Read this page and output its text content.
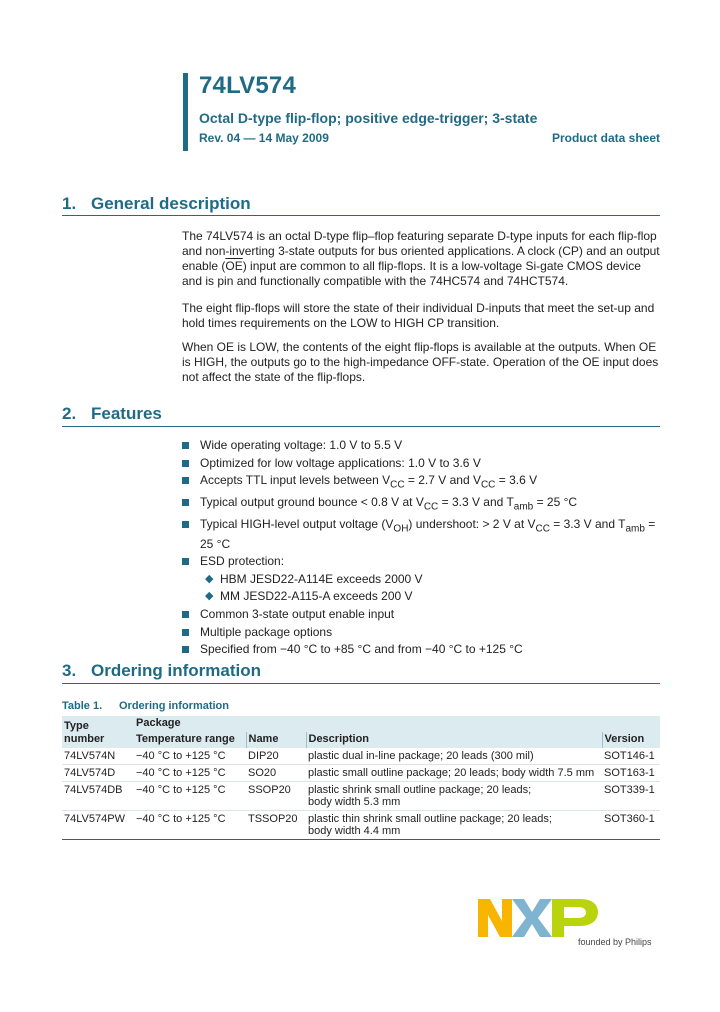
74LV574
Octal D-type flip-flop; positive edge-trigger; 3-state
Rev. 04 — 14 May 2009	Product data sheet
1. General description
The 74LV574 is an octal D-type flip–flop featuring separate D-type inputs for each flip-flop and non-inverting 3-state outputs for bus oriented applications. A clock (CP) and an output enable $(\overline{OE})$ input are common to all flip-flops. It is a low-voltage Si-gate CMOS device and is pin and functionally compatible with the 74HC574 and 74HCT574.
The eight flip-flops will store the state of their individual D-inputs that meet the set-up and hold times requirements on the LOW to HIGH CP transition.
When OE is LOW, the contents of the eight flip-flops is available at the outputs. When OE is HIGH, the outputs go to the high-impedance OFF-state. Operation of the OE input does not affect the state of the flip-flops.
2. Features
Wide operating voltage: 1.0 V to 5.5 V
Optimized for low voltage applications: 1.0 V to 3.6 V
Accepts TTL input levels between $V_{CC} = 2.7$ V and $V_{CC} = 3.6$ V
Typical output ground bounce < 0.8 V at $V_{CC} = 3.3$ V and $T_{amb} = 25$ °C
Typical HIGH-level output voltage $(V_{OH})$ undershoot: > 2 V at $V_{CC} = 3.3$ V and $T_{amb} = 25$ °C
ESD protection:
◆ HBM JESD22-A114E exceeds 2000 V
◆ MM JESD22-A115-A exceeds 200 V
Common 3-state output enable input
Multiple package options
Specified from −40 °C to +85 °C and from −40 °C to +125 °C
3. Ordering information
Table 1. Ordering information
Type number	Package			
	Temperature range	Name	Description	Version
74LV574N	−40 °C to +125 °C	DIP20	plastic dual in-line package; 20 leads (300 mil)	SOT146-1
74LV574D	−40 °C to +125 °C	SO20	plastic small outline package; 20 leads; body width 7.5 mm	SOT163-1
74LV574DB	−40 °C to +125 °C	SSOP20	plastic shrink small outline package; 20 leads;
body width 5.3 mm	SOT339-1
74LV574PW	−40 °C to +125 °C	TSSOP20	plastic thin shrink small outline package; 20 leads;
body width 4.4 mm	SOT360-1
founded by Philips
